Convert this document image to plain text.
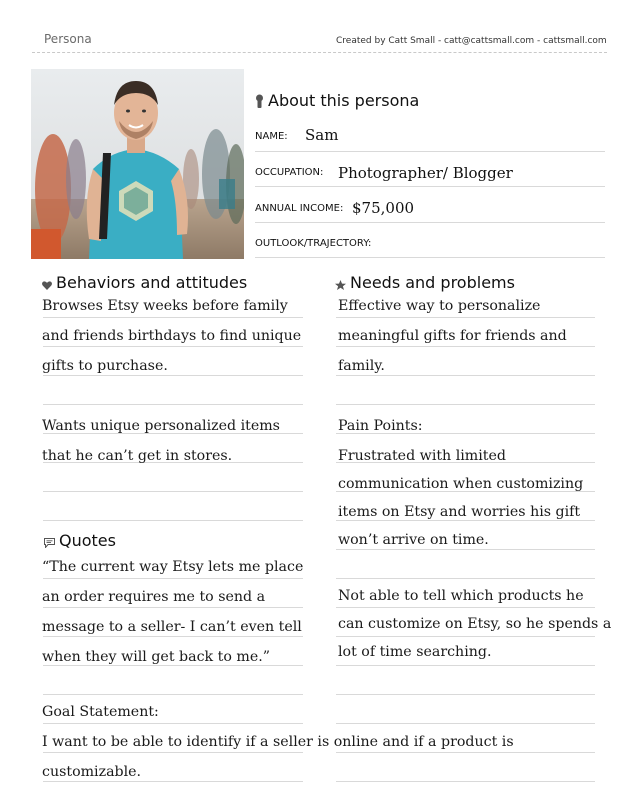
Persona	Created by Catt Small - catt@cattsmall.com - cattsmall.com
About this persona
NAME: Sam
OCCUPATION: Photographer/ Blogger
ANNUAL INCOME: $75,000
OUTLOOK/TRAJECTORY:
Behaviors and attitudes	Needs and problems
Browses Etsy weeks before family
and friends birthdays to find unique
gifts to purchase.
Wants unique personalized items
that he can’t get in stores.
Effective way to personalize
meaningful gifts for friends and
family.
Pain Points:
Frustrated with limited
communication when customizing
items on Etsy and worries his gift
won’t arrive on time.
Not able to tell which products he
can customize on Etsy, so he spends a
lot of time searching.
Quotes
“The current way Etsy lets me place
an order requires me to send a
message to a seller- I can’t even tell
when they will get back to me.”
Goal Statement:
I want to be able to identify if a seller is online and if a product is
customizable.
